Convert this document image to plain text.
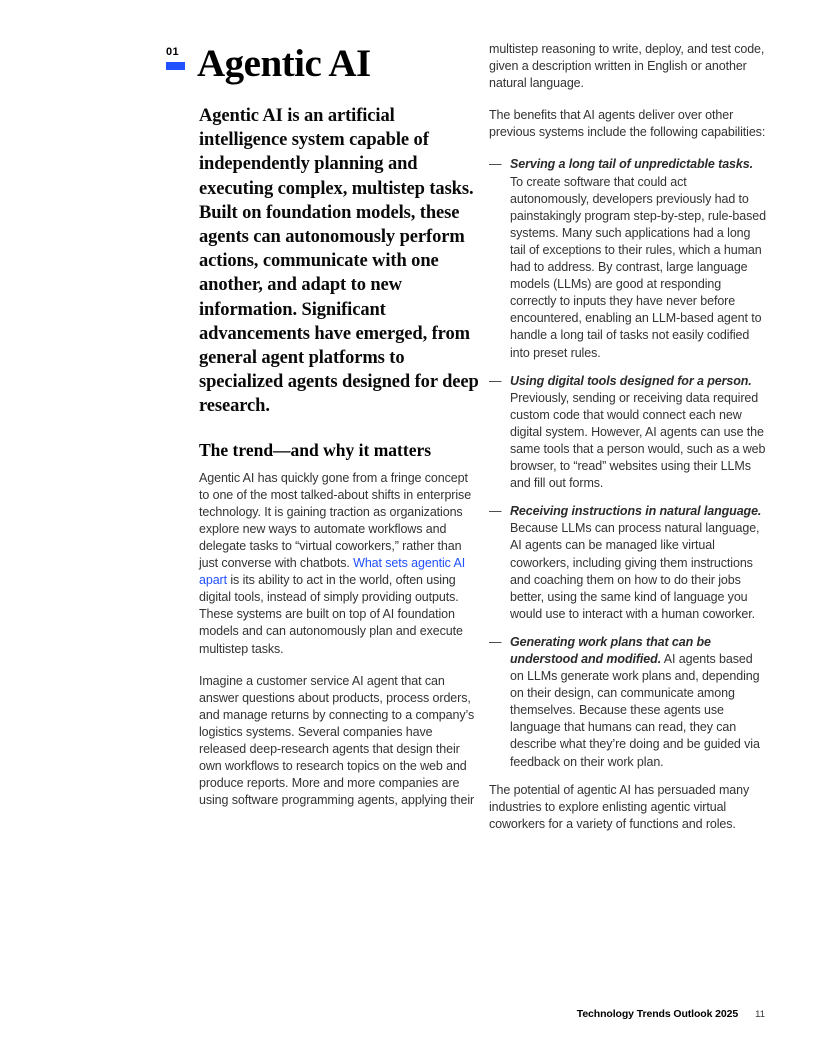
01 Agentic AI

Agentic AI is an artificial intelligence system capable of independently planning and executing complex, multistep tasks. Built on foundation models, these agents can autonomously perform actions, communicate with one another, and adapt to new information. Significant advancements have emerged, from general agent platforms to specialized agents designed for deep research.

The trend—and why it matters

Agentic AI has quickly gone from a fringe concept to one of the most talked-about shifts in enterprise technology. It is gaining traction as organizations explore new ways to automate workflows and delegate tasks to “virtual coworkers,” rather than just converse with chatbots. What sets agentic AI apart is its ability to act in the world, often using digital tools, instead of simply providing outputs. These systems are built on top of AI foundation models and can autonomously plan and execute multistep tasks.

Imagine a customer service AI agent that can answer questions about products, process orders, and manage returns by connecting to a company’s logistics systems. Several companies have released deep-research agents that design their own workflows to research topics on the web and produce reports. More and more companies are using software programming agents, applying their

multistep reasoning to write, deploy, and test code, given a description written in English or another natural language.

The benefits that AI agents deliver over other previous systems include the following capabilities:

— Serving a long tail of unpredictable tasks. To create software that could act autonomously, developers previously had to painstakingly program step-by-step, rule-based systems. Many such applications had a long tail of exceptions to their rules, which a human had to address. By contrast, large language models (LLMs) are good at responding correctly to inputs they have never before encountered, enabling an LLM-based agent to handle a long tail of tasks not easily codified into preset rules.
— Using digital tools designed for a person. Previously, sending or receiving data required custom code that would connect each new digital system. However, AI agents can use the same tools that a person would, such as a web browser, to “read” websites using their LLMs and fill out forms.
— Receiving instructions in natural language. Because LLMs can process natural language, AI agents can be managed like virtual coworkers, including giving them instructions and coaching them on how to do their jobs better, using the same kind of language you would use to interact with a human coworker.
— Generating work plans that can be understood and modified. AI agents based on LLMs generate work plans and, depending on their design, can communicate among themselves. Because these agents use language that humans can read, they can describe what they’re doing and be guided via feedback on their work plan.

The potential of agentic AI has persuaded many industries to explore enlisting agentic virtual coworkers for a variety of functions and roles.

Technology Trends Outlook 2025 11
